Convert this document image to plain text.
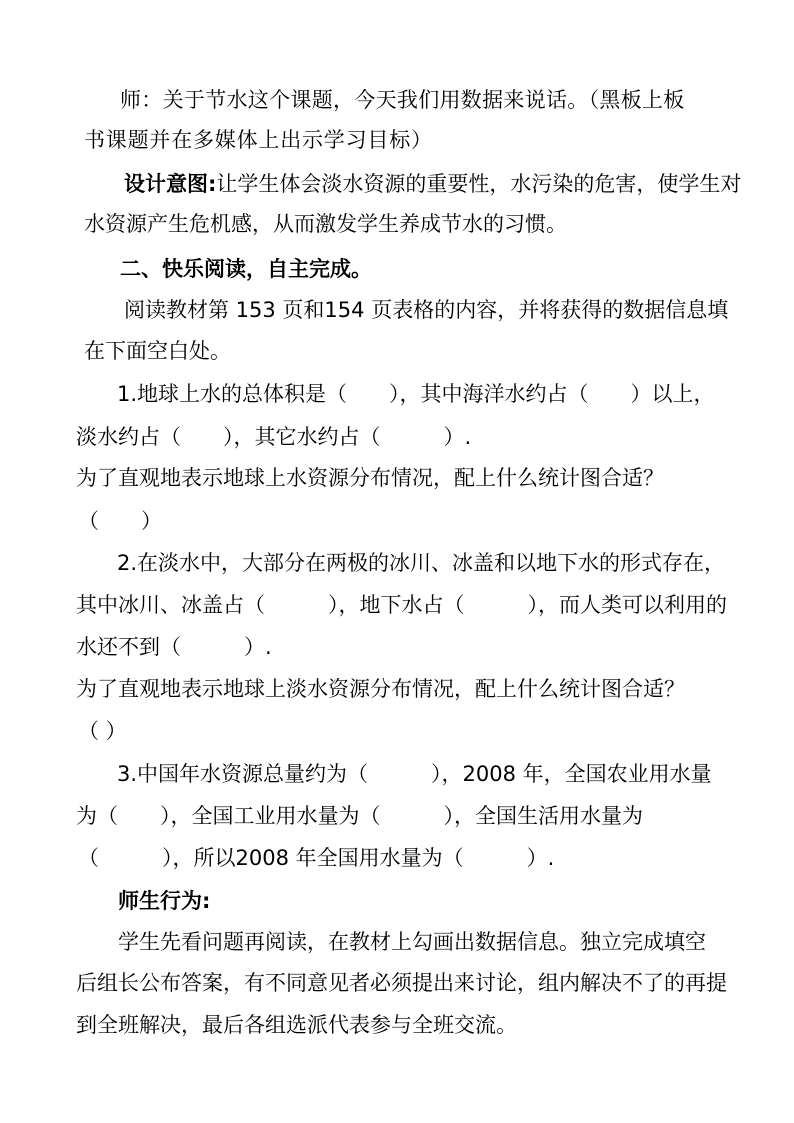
师：关于节水这个课题，今天我们用数据来说话。（黑板上板
书课题并在多媒体上出示学习目标）
设计意图:让学生体会淡水资源的重要性，水污染的危害，使学生对
水资源产生危机感，从而激发学生养成节水的习惯。
二、快乐阅读，自主完成。
阅读教材第 153 页和154 页表格的内容，并将获得的数据信息填
在下面空白处。
1.地球上水的总体积是（　　），其中海洋水约占（　　）以上，
淡水约占（　　），其它水约占（　　　）.
为了直观地表示地球上水资源分布情况，配上什么统计图合适？
（　　）
2.在淡水中，大部分在两极的冰川、冰盖和以地下水的形式存在，
其中冰川、冰盖占（　　　），地下水占（　　　），而人类可以利用的
水还不到（　　　）.
为了直观地表示地球上淡水资源分布情况，配上什么统计图合适？
（ ）
3.中国年水资源总量约为（　　　），2008 年，全国农业用水量
为（　　），全国工业用水量为（　　　），全国生活用水量为
（　　　），所以2008 年全国用水量为（　　　）.
师生行为:
学生先看问题再阅读，在教材上勾画出数据信息。独立完成填空
后组长公布答案，有不同意见者必须提出来讨论，组内解决不了的再提
到全班解决，最后各组选派代表参与全班交流。
